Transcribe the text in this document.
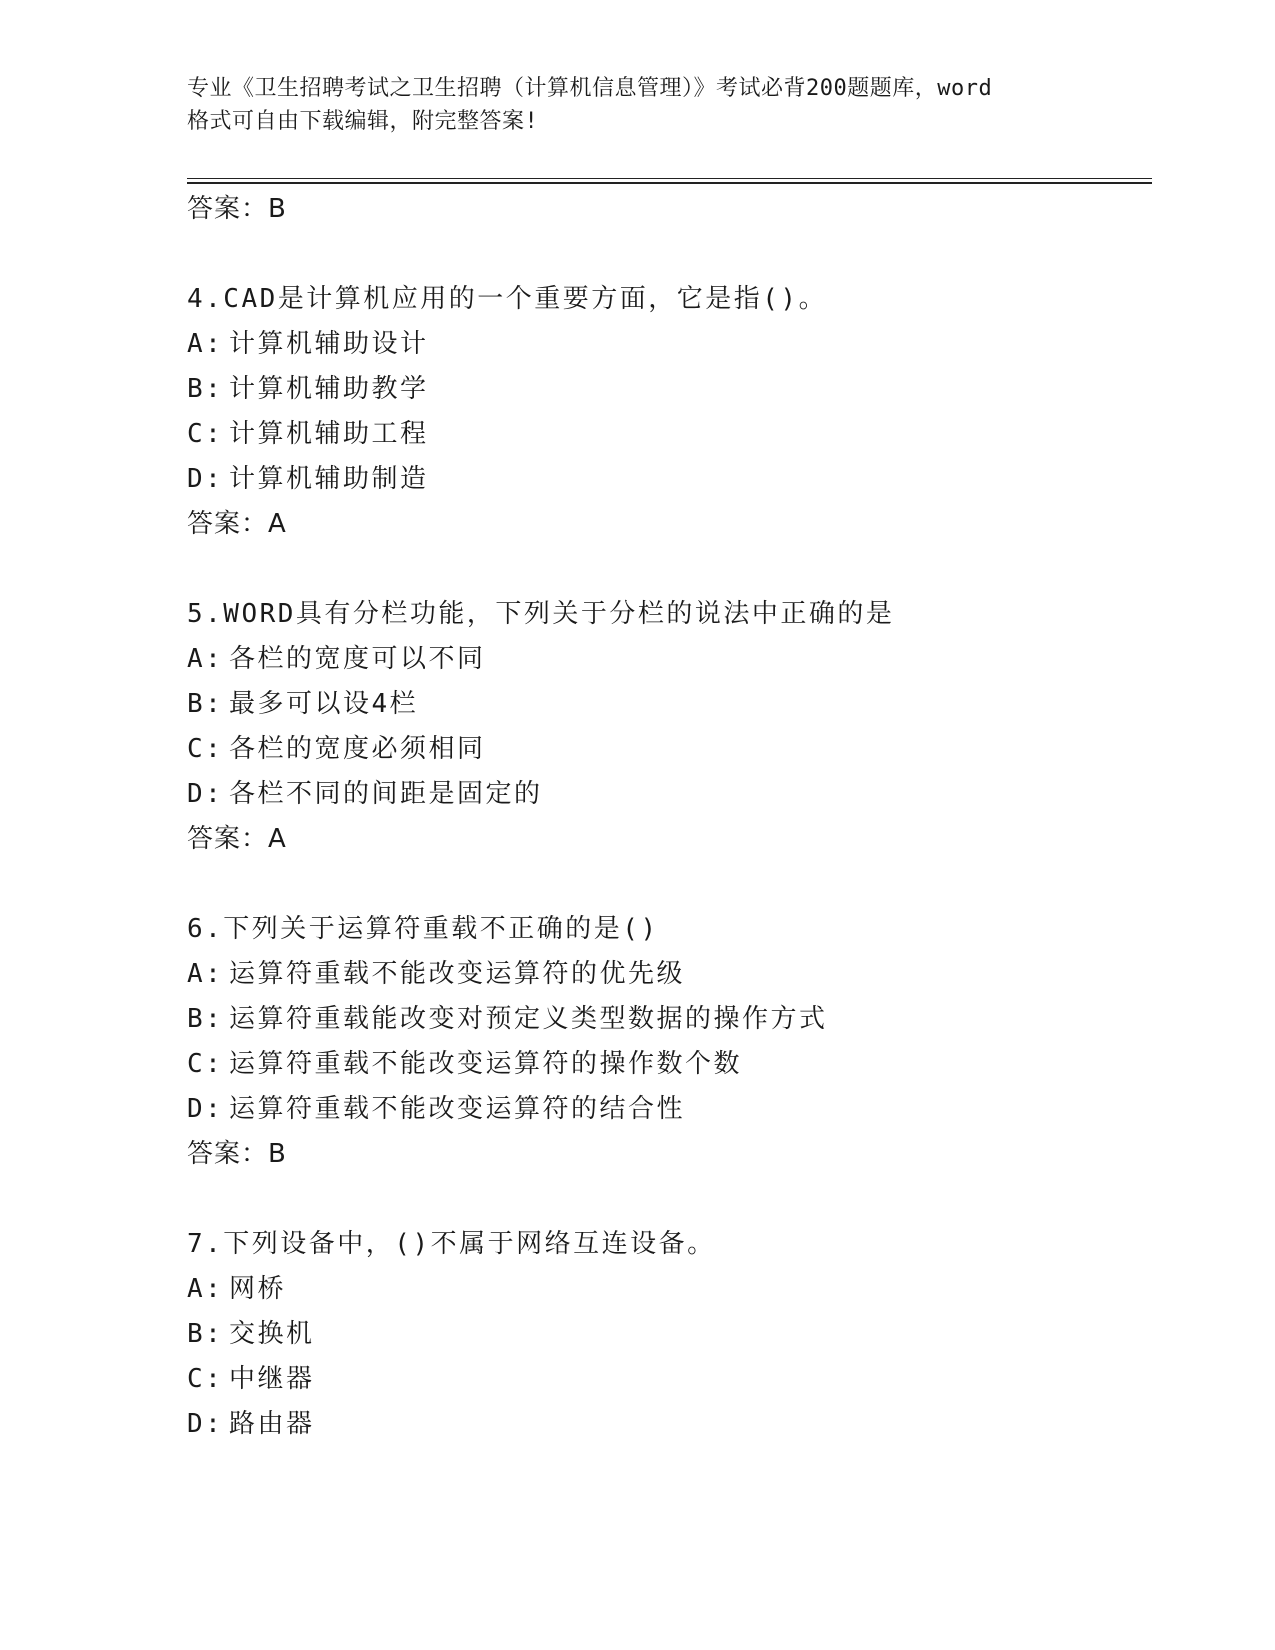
专业《卫生招聘考试之卫生招聘（计算机信息管理）》考试必背200题题库，word
格式可自由下载编辑，附完整答案!
答案：B
4.CAD是计算机应用的一个重要方面，它是指()。
A: 计算机辅助设计
B: 计算机辅助教学
C: 计算机辅助工程
D: 计算机辅助制造
答案：A
5.WORD具有分栏功能，下列关于分栏的说法中正确的是
A: 各栏的宽度可以不同
B: 最多可以设4栏
C: 各栏的宽度必须相同
D: 各栏不同的间距是固定的
答案：A
6.下列关于运算符重载不正确的是()
A: 运算符重载不能改变运算符的优先级
B: 运算符重载能改变对预定义类型数据的操作方式
C: 运算符重载不能改变运算符的操作数个数
D: 运算符重载不能改变运算符的结合性
答案：B
7.下列设备中，()不属于网络互连设备。
A: 网桥
B: 交换机
C: 中继器
D: 路由器
